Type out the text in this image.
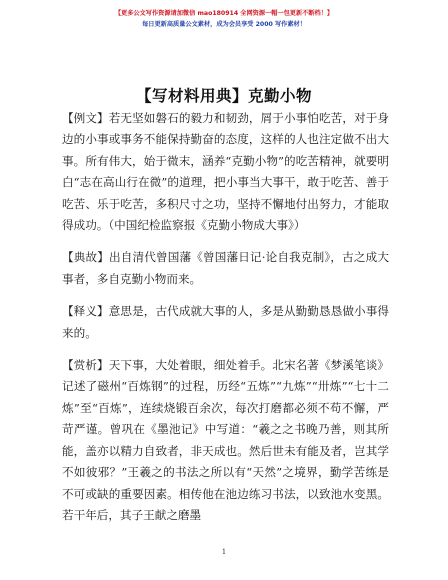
【更多公文写作资源请加微信 mao180914 全网资源一帽一包更新不断档！】
每日更新高质量公文素材，成为会员享受 2000 写作素材！
【写材料用典】克勤小物

【例文】若无坚如磐石的毅力和韧劲，屑于小事怕吃苦，对于身边的小事或事务不能保持勤奋的态度，这样的人也注定做不出大事。所有伟大，始于微末，涵养“克勤小物”的吃苦精神，就要明白“志在高山行在微”的道理，把小事当大事干，敢于吃苦、善于吃苦、乐于吃苦，多积尺寸之功，坚持不懈地付出努力，才能取得成功。（中国纪检监察报《克勤小物成大事》）

【典故】出自清代曾国藩《曾国藩日记·论自我克制》，古之成大事者，多自克勤小物而来。

【释义】意思是，古代成就大事的人，多是从勤勤恳恳做小事得来的。

【赏析】天下事，大处着眼，细处着手。北宋名著《梦溪笔谈》记述了磁州“百炼钢”的过程，历经“五炼”“九炼”“卅炼”“七十二炼”至“百炼”，连续烧锻百余次，每次打磨都必须不苟不懈，严苛严谨。曾巩在《墨池记》中写道：“羲之之书晚乃善，则其所能，盖亦以精力自致者，非天成也。然后世未有能及者，岂其学不如彼邪？”王羲之的书法之所以有“天然”之境界，勤学苦练是不可或缺的重要因素。相传他在池边练习书法，以致池水变黑。若干年后，其子王献之磨墨

1
